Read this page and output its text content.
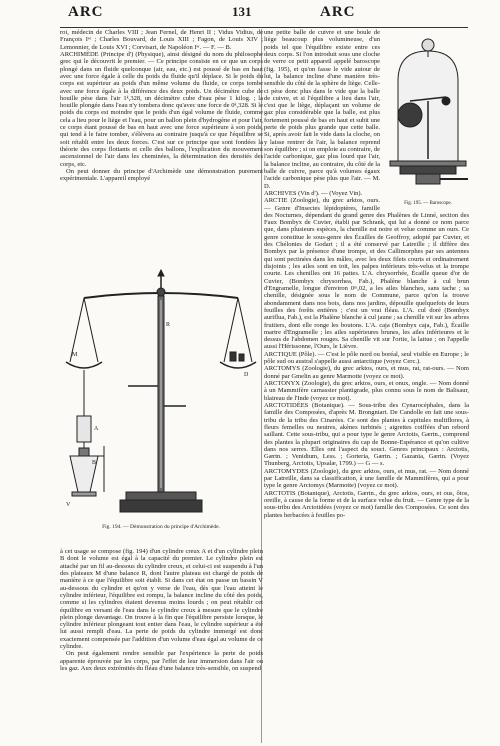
ARC	131	ARC

roi, médecin de Charles VIII ; Jean Fernel, de Henri II ; Vidus Vidius, de François Iᵉʳ ; Charles Bouvard, de Louis XIII ; Fagon, de Louis XIV ; Lemonnier, de Louis XVI ; Corvisart, de Napoléon Iᵉʳ. — F. — B.

ARCHIMÈDE (Principe d') (Physique), ainsi désigné du nom du philosophe grec qui le découvrit le premier. — Ce principe consiste en ce que un corps plongé dans un fluide quelconque (air, eau, etc.) est poussé de bas en haut avec une force égale à celle du poids du fluide qu'il déplace. Si le poids du corps est supérieur au poids d'un même volume du fluide, ce corps tombe avec une force égale à la différence des deux poids. Un décimètre cube de houille pèse dans l'air 1ᵏ,328, un décimètre cube d'eau pèse 1 kilog. ; la houille plongée dans l'eau n'y tombera donc qu'avec une force de 0ᵏ,328. Si le poids du corps est moindre que le poids d'un égal volume de fluide, comme cela a lieu pour le liège et l'eau, pour un ballon plein d'hydrogène et pour l'air, ce corps étant poussé de bas en haut avec une force supérieure à son poids, qui tend à le faire tomber, s'élèvera au contraire jusqu'à ce que l'équilibre se soit rétabli entre les deux forces. C'est sur ce principe que sont fondées la théorie des corps flottants et celle des ballons, l'explication du mouvement ascensionnel de l'air dans les cheminées, la détermination des densités des corps, etc.

On peut donner du principe d'Archimède une démonstration purement expérimentale. L'appareil employé

M
D
A
B
V
R
Fig. 194. — Démonstration du principe d'Archimède.

à cet usage se compose (fig. 194) d'un cylindre creux A et d'un cylindre plein B dont le volume est égal à la capacité du premier. Le cylindre plein est attaché par un fil au-dessous du cylindre creux, et celui-ci est suspendu à l'un des plateaux M d'une balance R, dont l'autre plateau est chargé de poids de manière à ce que l'équilibre soit établi. Si dans cet état on passe un bassin V au-dessous du cylindre et qu'on y verse de l'eau, dès que l'eau atteint le cylindre inférieur, l'équilibre est rompu, la balance incline du côté des poids, comme si les cylindres étaient devenus moins lourds ; on peut rétablir cet équilibre en versant de l'eau dans le cylindre creux à mesure que le cylindre plein plonge davantage. On trouve à la fin que l'équilibre persiste lorsque, le cylindre inférieur plongeant tout entier dans l'eau, le cylindre supérieur a été lui aussi rempli d'eau. La perte de poids du cylindre immergé est donc exactement compensée par l'addition d'un volume d'eau égal au volume de ce cylindre.

On peut également rendre sensible par l'expérience la perte de poids apparente éprouvée par les corps, par l'effet de leur immersion dans l'air ou les gaz. Aux deux extrémités du fléau d'une balance très-sensible, on suspend

une petite balle de cuivre et une boule de liège beaucoup plus volumineuse, d'un poids tel que l'équilibre existe entre ces deux corps. Si l'on introduit sous une cloche de verre ce petit appareil appelé baroscope (fig. 195), et qu'on fasse le vide autour de lui, la balance incline d'une manière très-sensible du côté de la sphère de liège. Celle-ci pèse donc plus dans le vide que la balle de cuivre, et si l'équilibre a lieu dans l'air, c'est que le liège, déplaçant un volume de gaz plus considérable que la balle, est plus fortement poussé de bas en haut et subit une perte de poids plus grande que cette balle. Si, après avoir fait le vide dans la cloche, on y laisse rentrer de l'air, la balance reprend son équilibre ; si on emploie au contraire, de l'acide carbonique, gaz plus lourd que l'air, la balance incline, au contraire, du côté de la balle de cuivre, parce qu'à volumes égaux l'acide carbonique pèse plus que l'air. — M. D.

ARCHIVES (Vin d'). — (Voyez Vin).

ARCTIE (Zoologie), du grec arktos, ours. — Genre d'Insectes lépidoptères, famille des Nocturnes, dépendant du grand genre des Phalènes de Linné, section des Faux Bombyx de Cuvier, établi par Schrank, qui lui a donné ce nom parce que, dans plusieurs espèces, la chenille est noire et velue comme un ours. Ce genre constitue le sous-genre des Écailles de Geoffroy, adopté par Cuvier, et des Chélonies de Godart ; il a été conservé par Latreille ; il diffère des Bombyx par la présence d'une trompe, et des Callimorphes par ses antennes qui sont pectinées dans les mâles, avec les deux filets courts et ordinairement disjoints ; les ailes sont en toit, les palpes inférieurs très-velus et la trompe courte. Les chenilles ont 16 pattes. L'A. chrysorrhée, Écaille queue d'or de Cuvier, (Bombyx chrysorrhea, Fab.), Phalène blanche à cul brun d'Engramelle, longue d'environ 0ᵐ,02, a les ailes blanches, sans tache ; sa chenille, désignée sous le nom de Commune, parce qu'on la trouve abondamment dans nos bois, dans nos jardins, dépouille quelquefois de leurs feuilles des forêts entières ; c'est un vrai fléau. L'A. cul doré (Bombyx auriflua, Fab.), est la Phalène blanche à cul jaune ; sa chenille vit sur les arbres fruitiers, dont elle ronge les boutons. L'A. caja (Bombyx caja, Fab.), Écaille martre d'Engramelle ; les ailes supérieures brunes, les ailes inférieures et le dessus de l'abdomen rouges. Sa chenille vit sur l'ortie, la laitue ; on l'appelle aussi l'Hérissonne, l'Ours, le Lièvre.

ARCTIQUE (Pôle). — C'est le pôle nord ou boréal, seul visible en Europe ; le pôle sud ou austral s'appelle aussi antarctique (voyez Cerc.).

ARCTOMYS (Zoologie), du grec arktos, ours, et mus, rat, rat-ours. — Nom donné par Gmelin au genre Marmotte (voyez ce mot).

ARCTONYX (Zoologie), du grec arktos, ours, et onux, ongle. — Nom donné à un Mammifère carnassier plantigrade, plus connu sous le nom de Balisaur, blaireau de l'Inde (voyez ce mot).

ARCTOTIDÉES (Botanique). — Sous-tribu des Cynarocéphales, dans la famille des Composées, d'après M. Brongniart. De Candolle en fait une sous-tribu de la tribu des Cinarées. Ce sont des plantes à capitules multiflores, à fleurs femelles ou neutres, akènes turbinés ; aigrettes coiffées d'un rebord saillant. Cette sous-tribu, qui a pour type le genre Arctotis, Gærtn., comprend des plantes la plupart originaires du cap de Bonne-Espérance et qu'on cultive dans nos serres. Elles ont l'aspect du souci. Genres principaux : Arctotis, Gærtn. ; Venidium, Less. ; Gorteria, Gærtn. ; Gazania, Gærtn. (Voyez Thunberg, Arctotis, Upsalæ, 1799.) — G — s.

ARCTOMYDES (Zoologie), du grec arktos, ours, et mus, rat. — Nom donné par Latreille, dans sa classification, à une famille de Mammifères, qui a pour type le genre Arctomys (Marmotte) (voyez ce mot).

ARCTOTIS (Botanique), Arctotis, Gærtn., du grec arktos, ours, et ous, ôtos, oreille, à cause de la forme et de la surface velue du fruit. — Genre type de la sous-tribu des Arctotidées (voyez ce mot) famille des Composées. Ce sont des plantes herbacées à feuilles po-

Fig. 195. — Baroscope.
